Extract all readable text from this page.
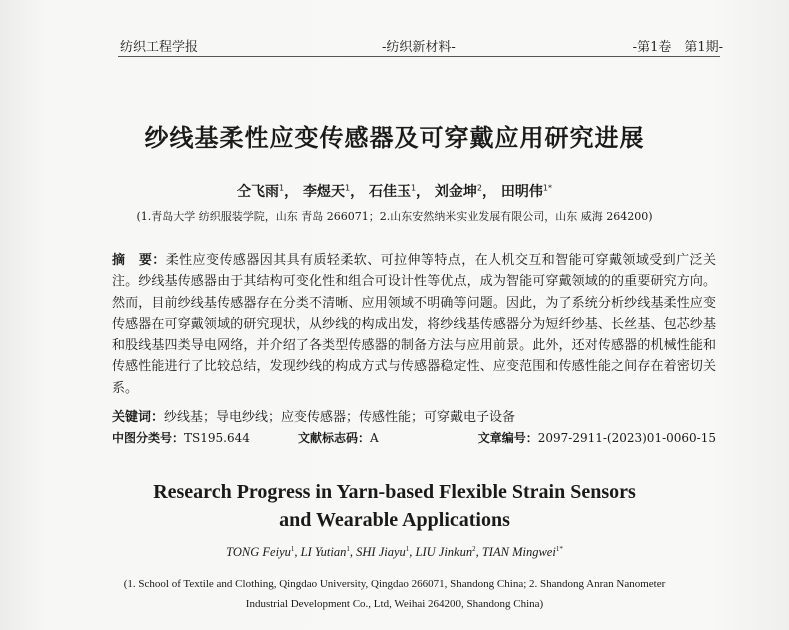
纺织工程学报	-纺织新材料-	-第1卷　第1期-
纱线基柔性应变传感器及可穿戴应用研究进展
仝飞雨$^1$， 李煜天$^1$， 石佳玉$^1$， 刘金坤$^2$， 田明伟$^{1*}$
(1.青岛大学 纺织服装学院，山东 青岛 266071；2.山东安然纳米实业发展有限公司，山东 威海 264200)
摘　要：柔性应变传感器因其具有质轻柔软、可拉伸等特点，在人机交互和智能可穿戴领域受到广泛关注。纱线基传感器由于其结构可变化性和组合可设计性等优点，成为智能可穿戴领域的的重要研究方向。然而，目前纱线基传感器存在分类不清晰、应用领域不明确等问题。因此，为了系统分析纱线基柔性应变传感器在可穿戴领域的研究现状，从纱线的构成出发，将纱线基传感器分为短纤纱基、长丝基、包芯纱基和股线基四类导电网络，并介绍了各类型传感器的制备方法与应用前景。此外，还对传感器的机械性能和传感性能进行了比较总结，发现纱线的构成方式与传感器稳定性、应变范围和传感性能之间存在着密切关系。
关键词：纱线基；导电纱线；应变传感器；传感性能；可穿戴电子设备
中图分类号：TS195.644	文献标志码：A	文章编号：2097-2911-(2023)01-0060-15
Research Progress in Yarn-based Flexible Strain Sensors
and Wearable Applications
TONG Feiyu$^1$, LI Yutian$^1$, SHI Jiayu$^1$, LIU Jinkun$^2$, TIAN Mingwei$^{1*}$
(1. School of Textile and Clothing, Qingdao University, Qingdao 266071, Shandong China; 2. Shandong Anran Nanometer
Industrial Development Co., Ltd, Weihai 264200, Shandong China)
